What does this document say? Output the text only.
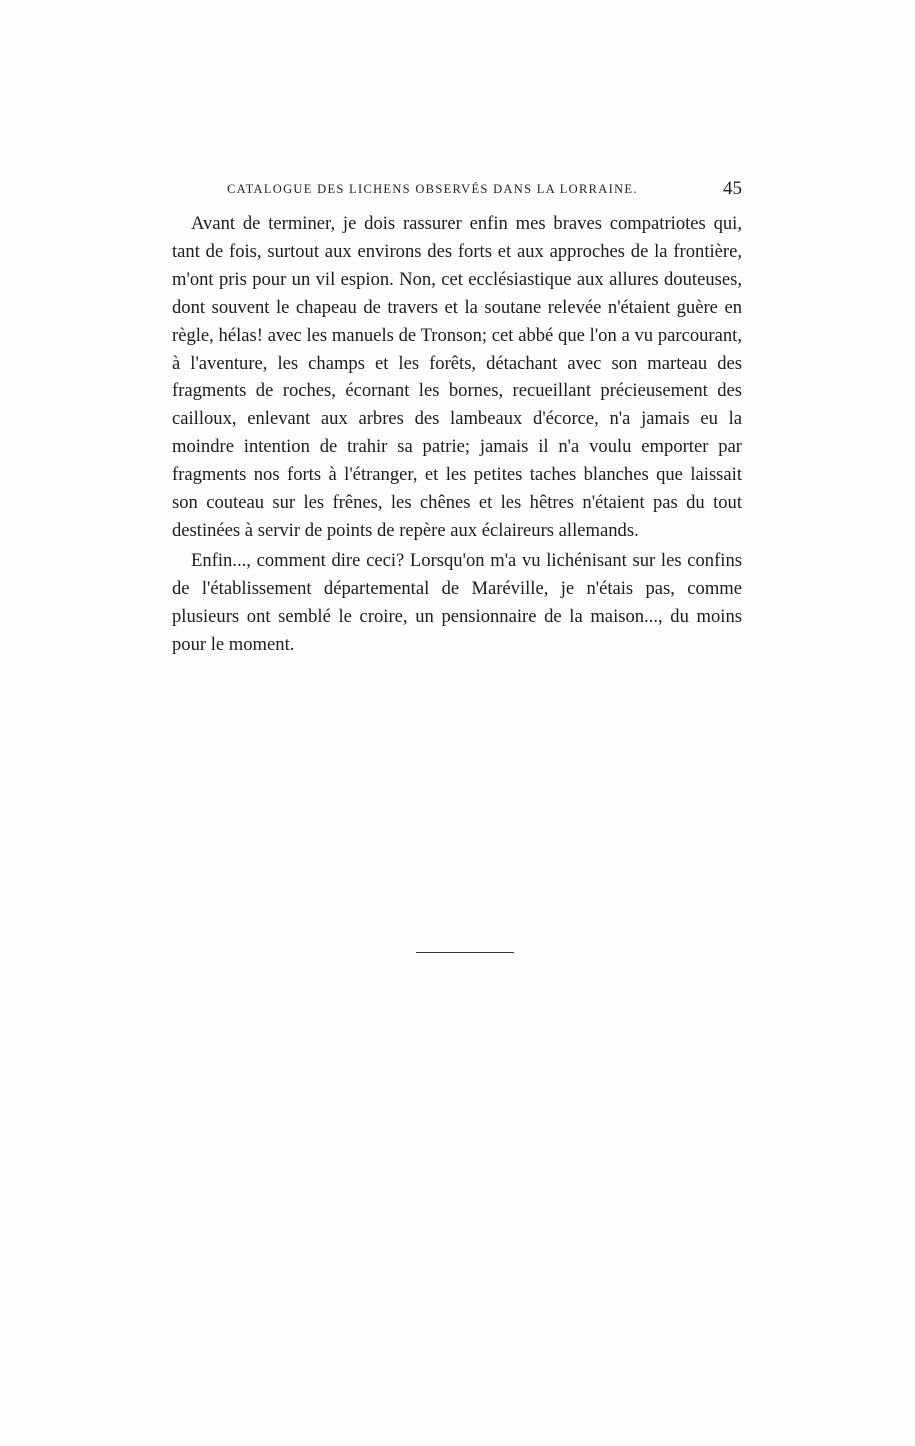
CATALOGUE DES LICHENS OBSERVÉS DANS LA LORRAINE.	45

Avant de terminer, je dois rassurer enfin mes braves compatriotes qui, tant de fois, surtout aux environs des forts et aux approches de la frontière, m'ont pris pour un vil espion. Non, cet ecclésiastique aux allures douteuses, dont souvent le chapeau de travers et la soutane relevée n'étaient guère en règle, hélas! avec les manuels de Tronson; cet abbé que l'on a vu parcourant, à l'aventure, les champs et les forêts, détachant avec son marteau des fragments de roches, écornant les bornes, recueillant précieusement des cailloux, enlevant aux arbres des lambeaux d'écorce, n'a jamais eu la moindre intention de trahir sa patrie; jamais il n'a voulu emporter par fragments nos forts à l'étranger, et les petites taches blanches que laissait son couteau sur les frênes, les chênes et les hêtres n'étaient pas du tout destinées à servir de points de repère aux éclaireurs allemands.

Enfin..., comment dire ceci? Lorsqu'on m'a vu lichénisant sur les confins de l'établissement départemental de Maréville, je n'étais pas, comme plusieurs ont semblé le croire, un pensionnaire de la maison..., du moins pour le moment.
